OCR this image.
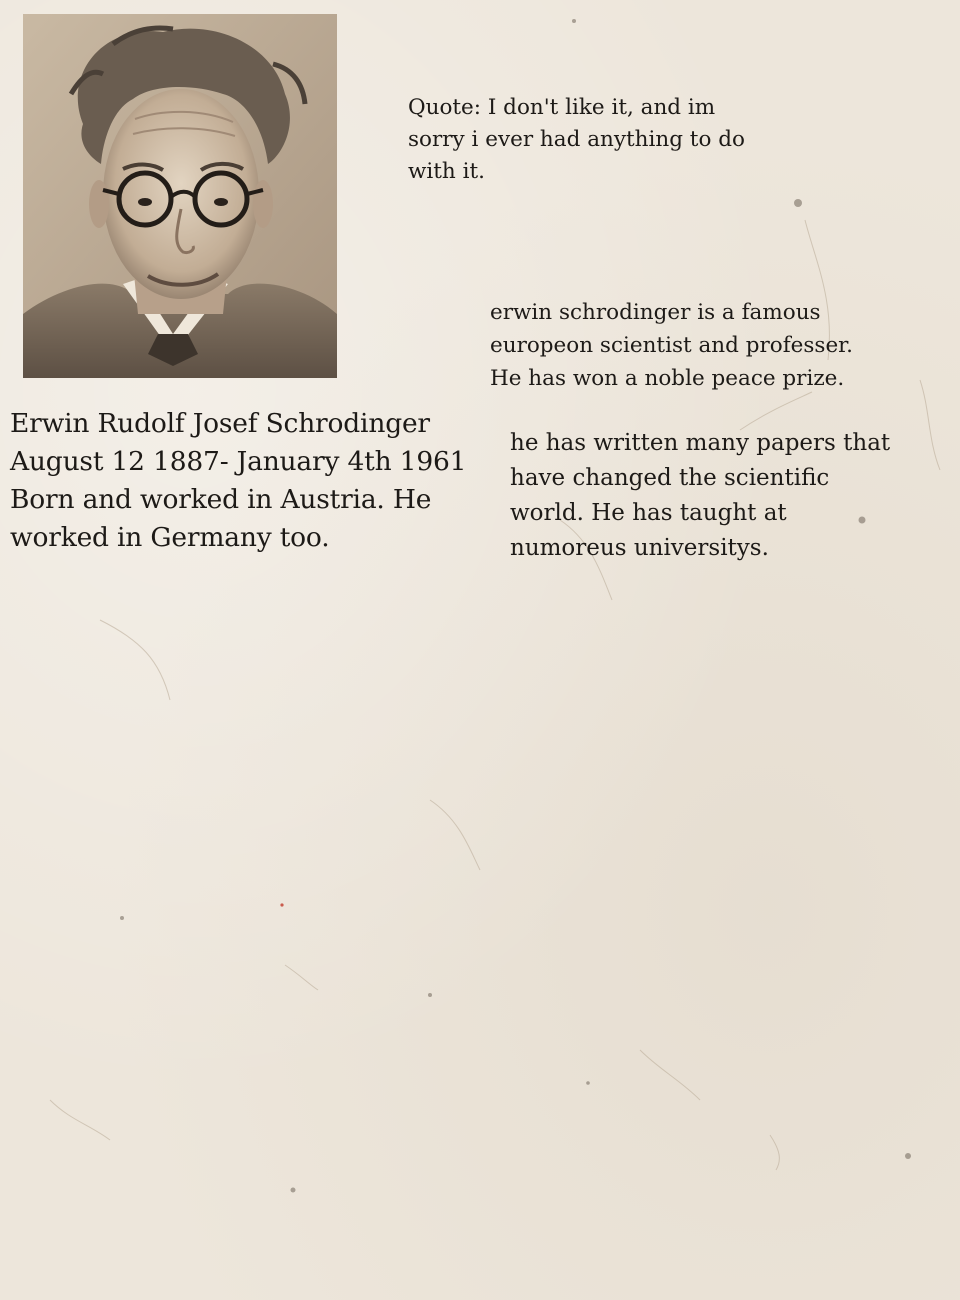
Quote: I don't like it, and im
sorry i ever had anything to do
with it.

erwin schrodinger is a famous
europeon scientist and professer.
He has won a noble peace prize.

Erwin Rudolf Josef Schrodinger
August 12 1887- January 4th 1961
Born and worked in Austria. He
worked in Germany too.

he has written many papers that
have changed the scientific
world. He has taught at
numoreus universitys.
